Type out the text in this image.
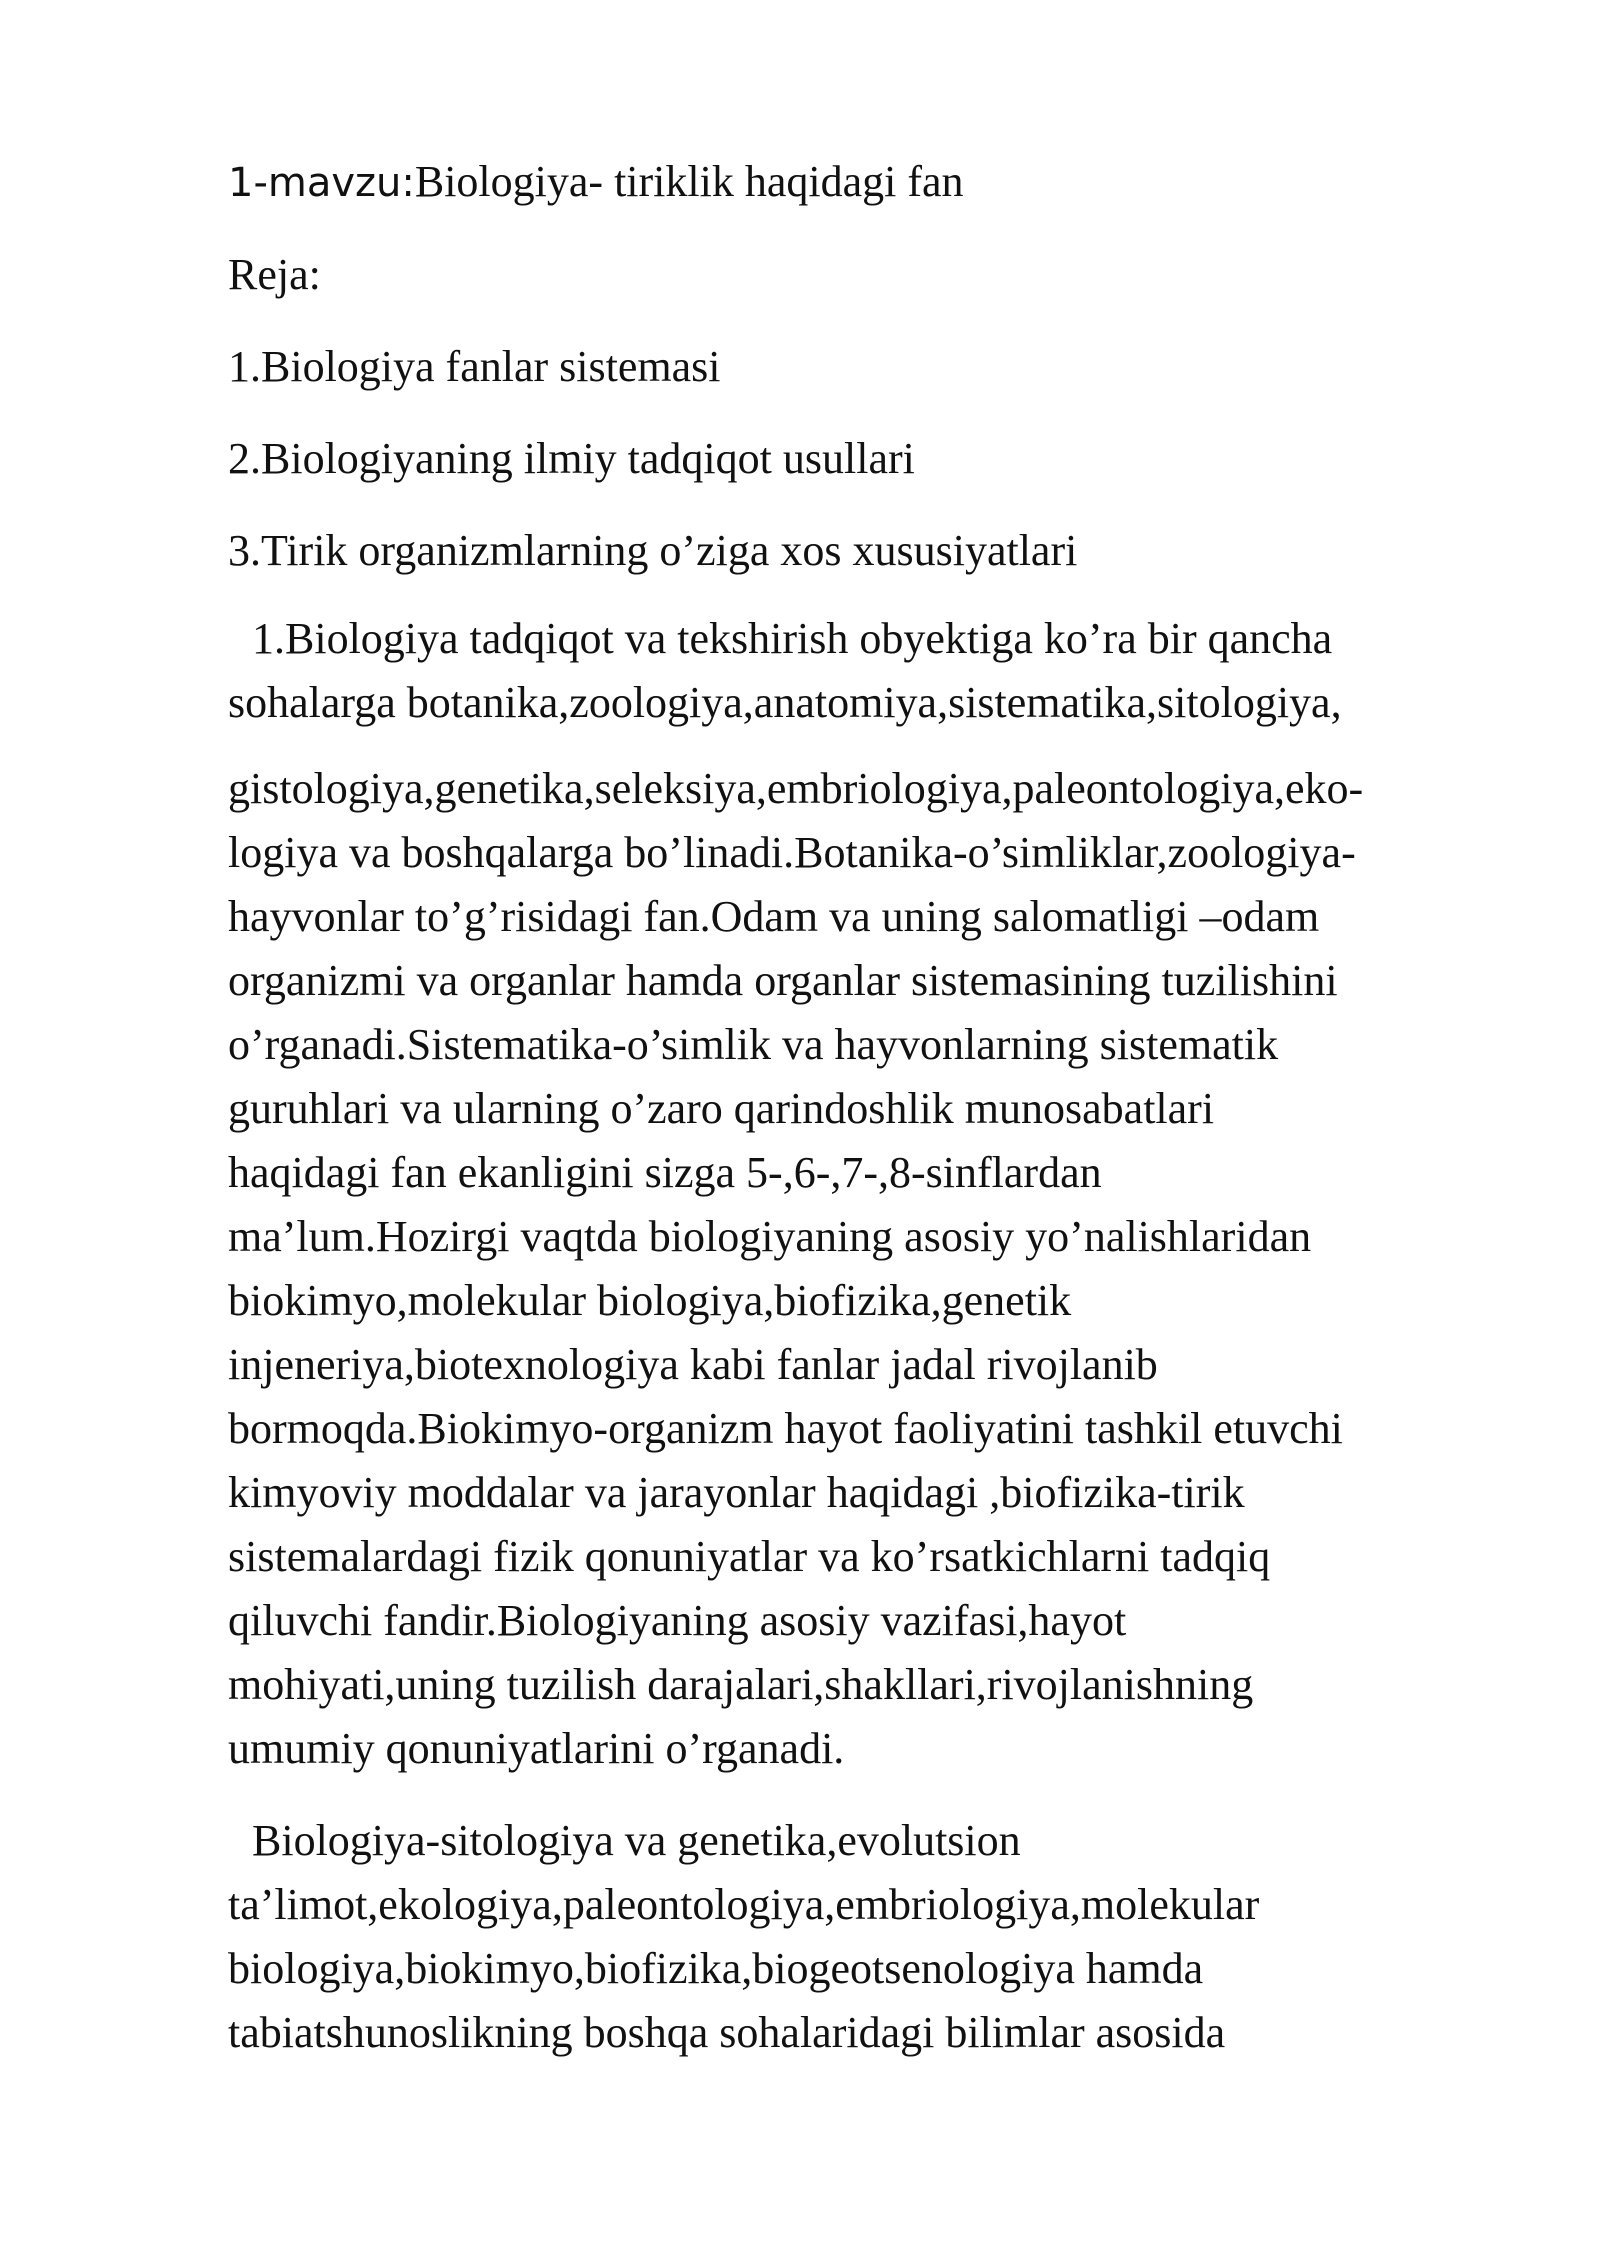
1-mavzu:Biologiya- tiriklik haqidagi fan

Reja:

1.Biologiya fanlar sistemasi

2.Biologiyaning ilmiy tadqiqot usullari

3.Tirik organizmlarning o’ziga xos xususiyatlari

1.Biologiya tadqiqot va tekshirish obyektiga ko’ra bir qancha

sohalarga botanika,zoologiya,anatomiya,sistematika,sitologiya,

gistologiya,genetika,seleksiya,embriologiya,paleontologiya,eko-

logiya va boshqalarga bo’linadi.Botanika-o’simliklar,zoologiya-

hayvonlar to’g’risidagi fan.Odam va uning salomatligi –odam

organizmi va organlar hamda organlar sistemasining tuzilishini

o’rganadi.Sistematika-o’simlik va hayvonlarning sistematik

guruhlari va ularning o’zaro qarindoshlik munosabatlari

haqidagi fan ekanligini sizga 5-,6-,7-,8-sinflardan

ma’lum.Hozirgi vaqtda biologiyaning asosiy yo’nalishlaridan

biokimyo,molekular biologiya,biofizika,genetik

injeneriya,biotexnologiya kabi fanlar jadal rivojlanib

bormoqda.Biokimyo-organizm hayot faoliyatini tashkil etuvchi

kimyoviy moddalar va jarayonlar haqidagi ,biofizika-tirik

sistemalardagi fizik qonuniyatlar va ko’rsatkichlarni tadqiq

qiluvchi fandir.Biologiyaning asosiy vazifasi,hayot

mohiyati,uning tuzilish darajalari,shakllari,rivojlanishning

umumiy qonuniyatlarini o’rganadi.

Biologiya-sitologiya va genetika,evolutsion

ta’limot,ekologiya,paleontologiya,embriologiya,molekular

biologiya,biokimyo,biofizika,biogeotsenologiya hamda

tabiatshunoslikning boshqa sohalaridagi bilimlar asosida
